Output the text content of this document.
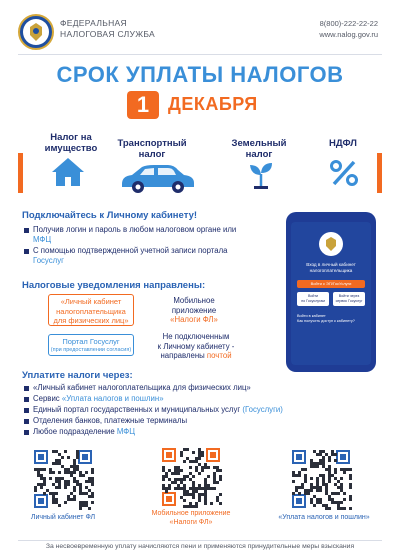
ФЕДЕРАЛЬНАЯ
НАЛОГОВАЯ СЛУЖБА
8(800)-222-22-22
www.nalog.gov.ru
СРОК УПЛАТЫ НАЛОГОВ
1	ДЕКАБРЯ
Налог на
имущество	Транспортный
налог
Земельный
налог
НДФЛ
Подключайтесь к Личному кабинету!
Получив логин и пароль в любом налоговом органе или
МФЦ
С помощью подтвержденной учетной записи портала
Госуслуг	Вход в личный кабинет
налогоплательщика
Войти с ЭП/ГосУслуги
Войти
по Госуслугам
Войти через
сервис Госуслуг
Войти в кабинет
Как получить доступ к кабинету?
Налоговые уведомления направлены:
«Личный кабинет
налогоплательщика
для физических лиц»
Мобильное
приложение
«Налоги ФЛ»
Портал Госуслуг
(при предоставлении согласия)
Не подключенным
к Личному кабинету -
направлены почтой
Уплатите налоги через:
«Личный кабинет налогоплательщика для физических лиц»
Сервис «Уплата налогов и пошлин»
Единый портал государственных и муниципальных услуг (Госуслуги)
Отделения банков, платежные терминалы
Любое подразделение МФЦ
Личный кабинет ФЛ
Мобильное приложение
«Налоги ФЛ»
«Уплата налогов и пошлин»
За несвоевременную уплату начисляются пени и применяются принудительные меры взыскания
